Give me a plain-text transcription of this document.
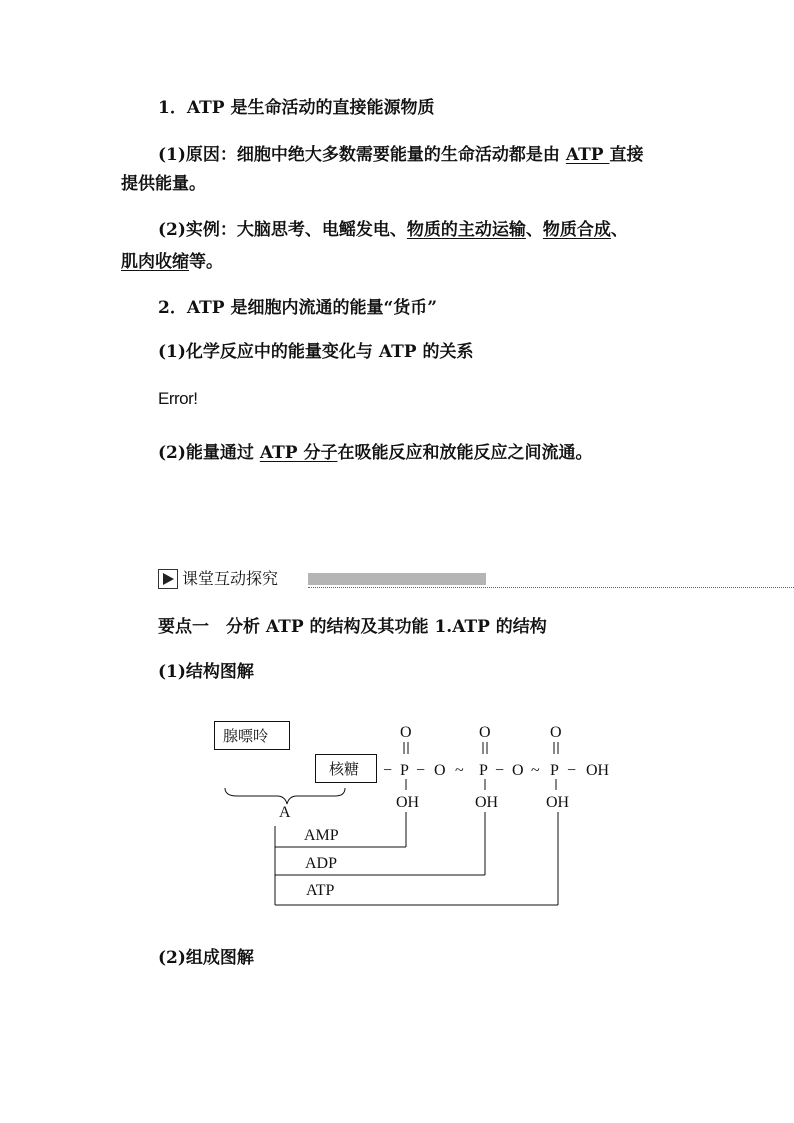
1．ATP 是生命活动的直接能源物质
(1)原因：细胞中绝大多数需要能量的生命活动都是由 ATP 直接
提供能量。
(2)实例：大脑思考、电鳐发电、物质的主动运输、物质合成、
肌肉收缩等。
2．ATP 是细胞内流通的能量“货币”
(1)化学反应中的能量变化与 ATP 的关系
Error!
(2)能量通过 ATP 分子在吸能反应和放能反应之间流通。
课堂互动探究
要点一　分析 ATP 的结构及其功能 1.ATP 的结构
(1)结构图解
腺嘌呤
核糖
A
O	O	O
− P − O ~ P − O ~ P − OH
OH	OH	OH
AMP
ADP
ATP
(2)组成图解
